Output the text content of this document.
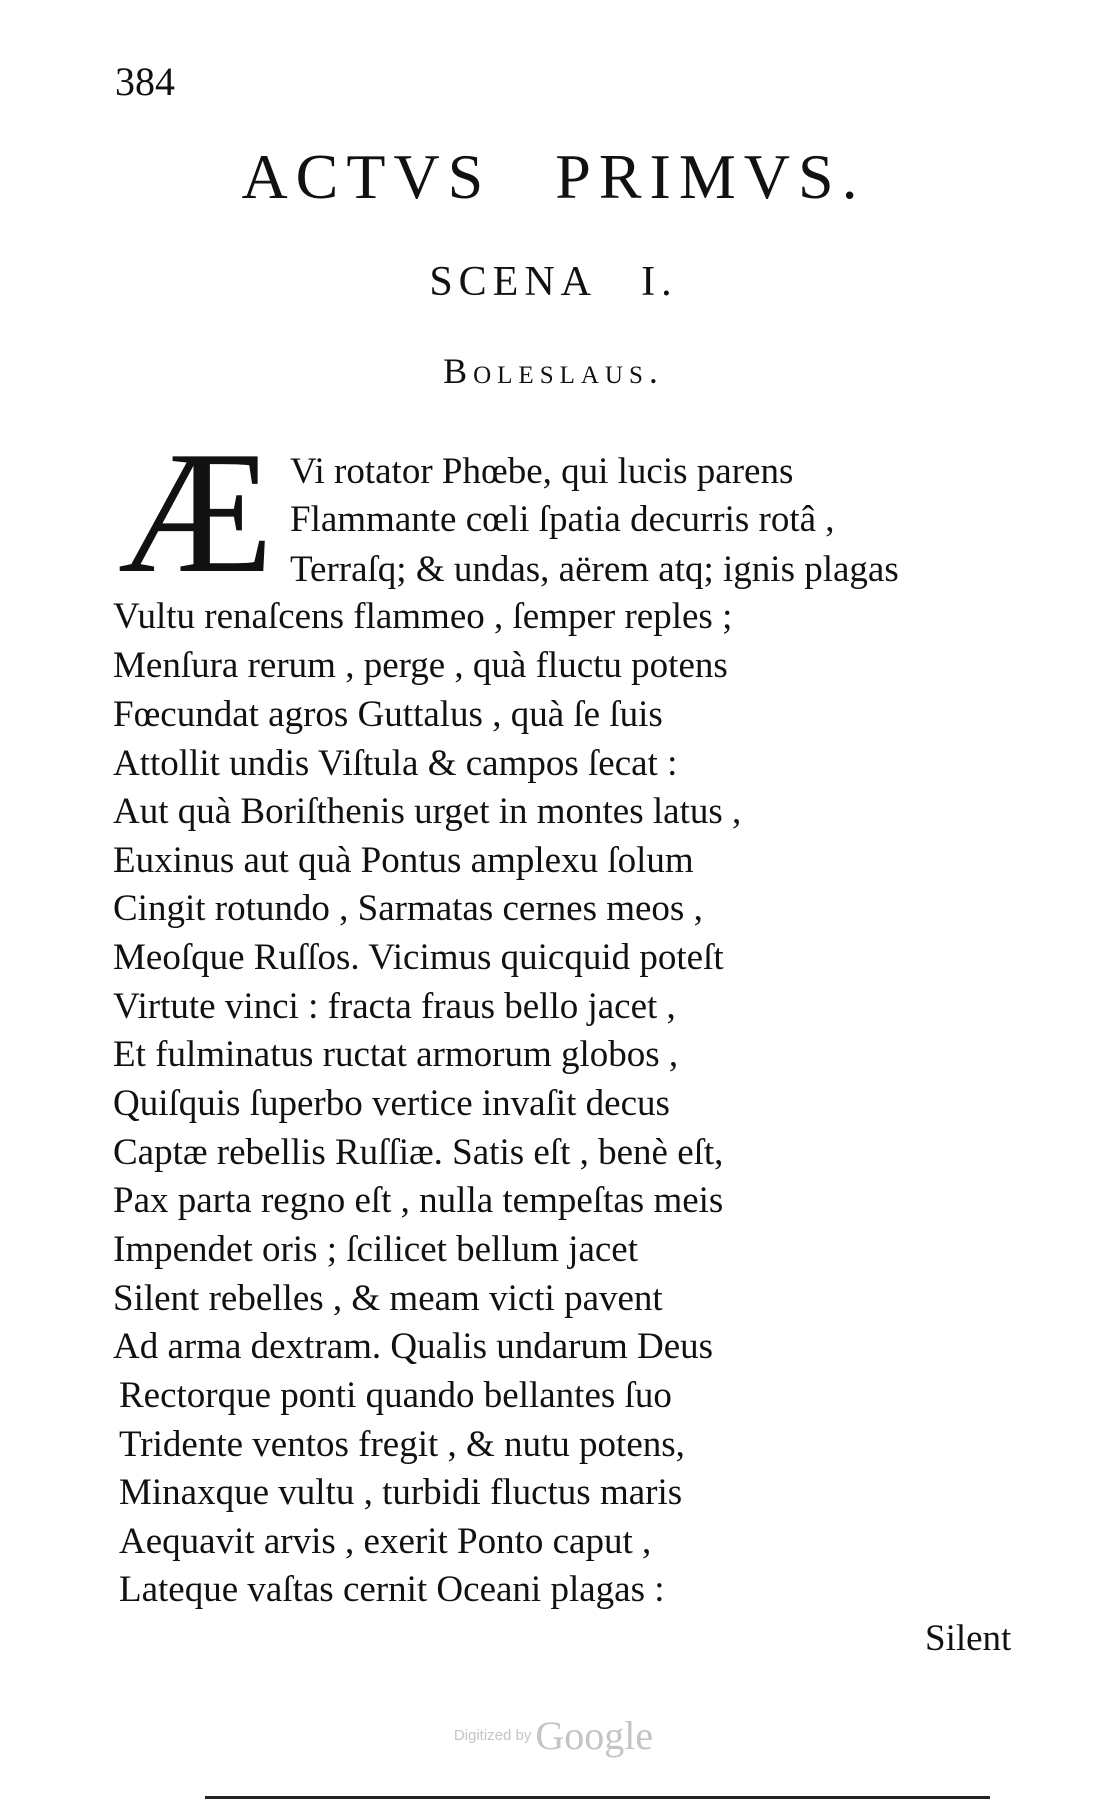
384
ACTVS PRIMVS.
SCENA I.
Boleslaus.
Æ Vi rotator Phœbe, qui lucis parens
Flammante cœli ſpatia decurris rotâ ,
Terraſq; & undas, aërem atq; ignis plagas
Vultu renaſcens flammeo , ſemper reples ;
Menſura rerum , perge , quà fluctu potens
Fœcundat agros Guttalus , quà ſe ſuis
Attollit undis Viſtula & campos ſecat :
Aut quà Boriſthenis urget in montes latus ,
Euxinus aut quà Pontus amplexu ſolum
Cingit rotundo , Sarmatas cernes meos ,
Meoſque Ruſſos. Vicimus quicquid poteſt
Virtute vinci : fracta fraus bello jacet ,
Et fulminatus ructat armorum globos ,
Quiſquis ſuperbo vertice invaſit decus
Captæ rebellis Ruſſiæ. Satis eſt , benè eſt,
Pax parta regno eſt , nulla tempeſtas meis
Impendet oris ; ſcilicet bellum jacet
Silent rebelles , & meam victi pavent
Ad arma dextram. Qualis undarum Deus
Rectorque ponti quando bellantes ſuo
Tridente ventos fregit , & nutu potens,
Minaxque vultu , turbidi fluctus maris
Aequavit arvis , exerit Ponto caput ,
Lateque vaſtas cernit Oceani plagas :
Silent
Digitized by Google
